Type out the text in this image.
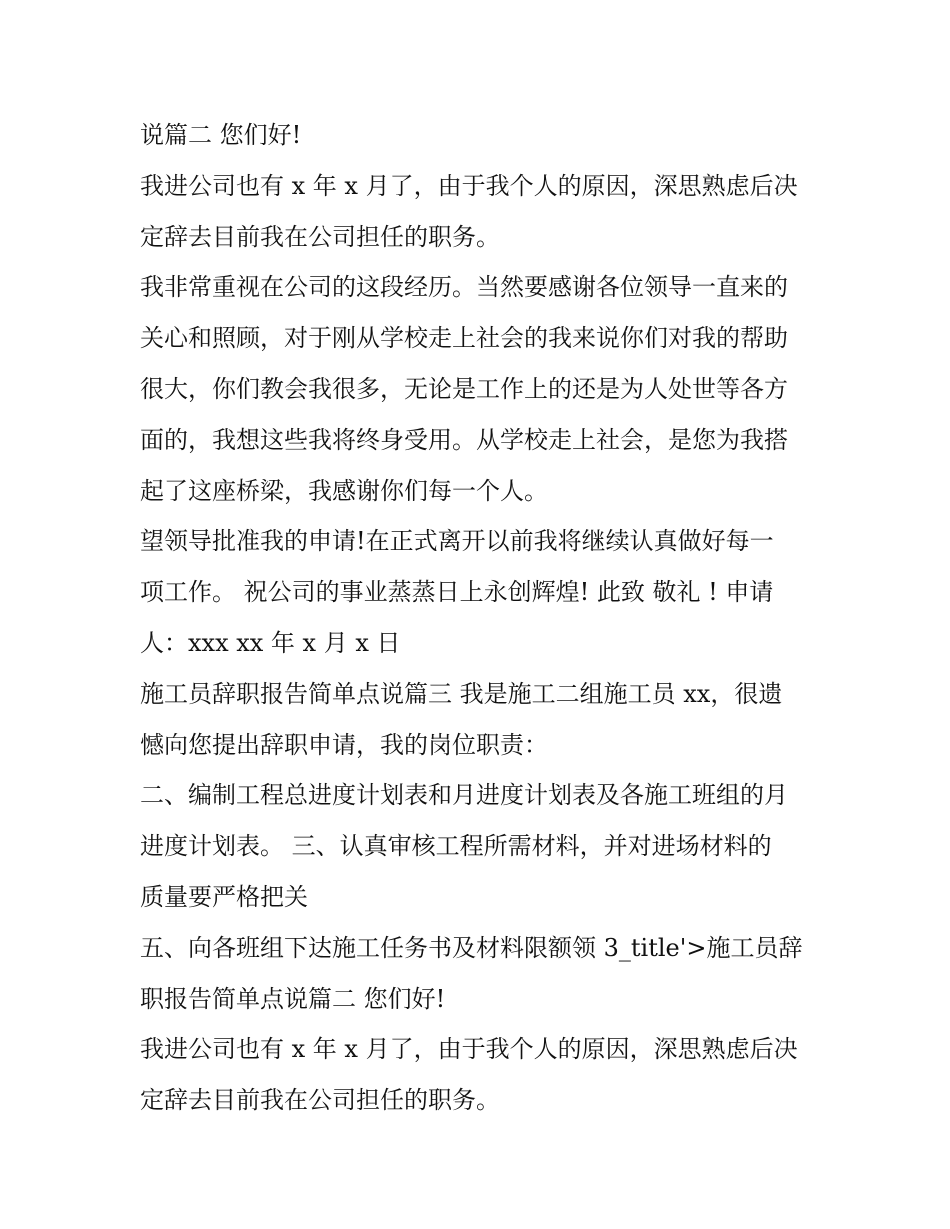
说篇二 您们好!

我进公司也有 x 年 x 月了，由于我个人的原因，深思熟虑后决
定辞去目前我在公司担任的职务。

我非常重视在公司的这段经历。当然要感谢各位领导一直来的
关心和照顾，对于刚从学校走上社会的我来说你们对我的帮助
很大，你们教会我很多，无论是工作上的还是为人处世等各方
面的，我想这些我将终身受用。从学校走上社会，是您为我搭
起了这座桥梁，我感谢你们每一个人。

望领导批准我的申请!在正式离开以前我将继续认真做好每一
项工作。 祝公司的事业蒸蒸日上永创辉煌! 此致 敬礼 ! 申请
人：xxx xx 年 x 月 x 日

施工员辞职报告简单点说篇三 我是施工二组施工员 xx，很遗
憾向您提出辞职申请，我的岗位职责：

二、编制工程总进度计划表和月进度计划表及各施工班组的月
进度计划表。 三、认真审核工程所需材料，并对进场材料的
质量要严格把关

五、向各班组下达施工任务书及材料限额领 3_title'>施工员辞
职报告简单点说篇二 您们好!

我进公司也有 x 年 x 月了，由于我个人的原因，深思熟虑后决
定辞去目前我在公司担任的职务。
